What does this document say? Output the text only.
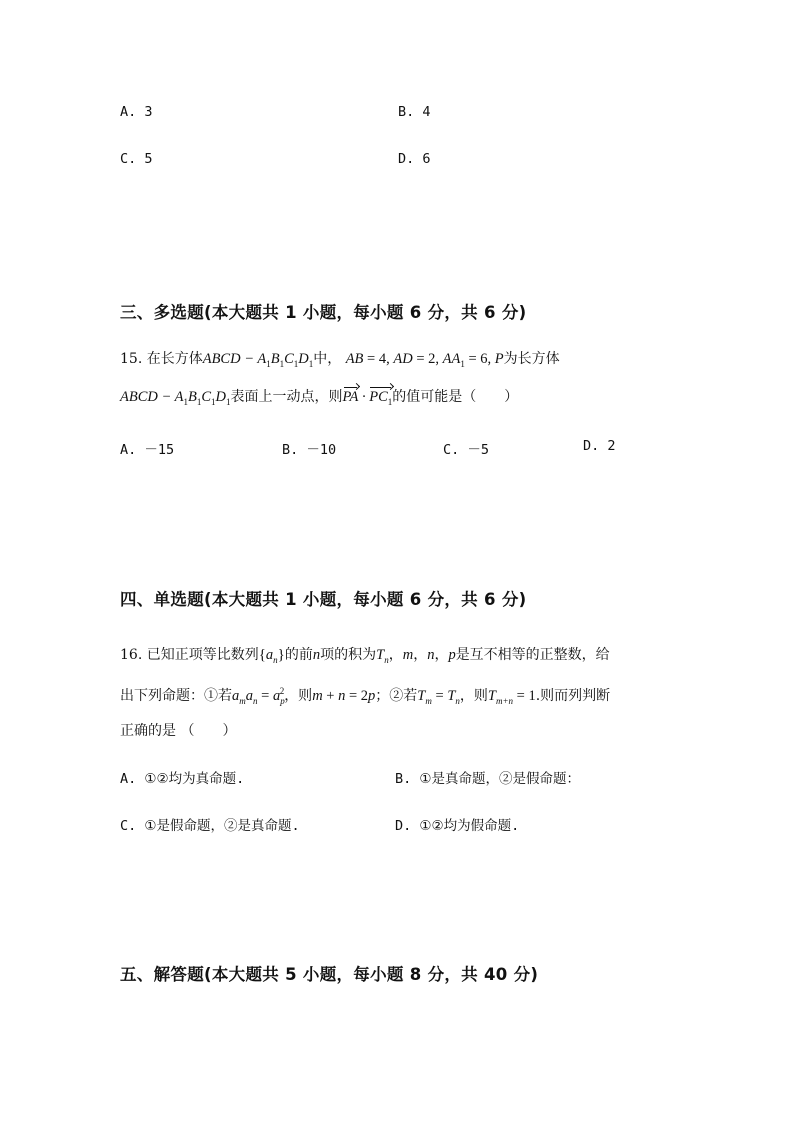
A. 3	B. 4
C. 5	D. 6
三、多选题(本大题共 1 小题，每小题 6 分，共 6 分)
15. 在长方体ABCD − $A_1B_1C_1D_1$中， AB = 4, AD = 2, $AA_1 = 6$, P为长方体
ABCD − $A_1B_1C_1D_1$表面上一动点，则PA · $PC_1$的值可能是（　　）
A. －15	B. －10	C. －5	D. 2
四、单选题(本大题共 1 小题，每小题 6 分，共 6 分)
16. 已知正项等比数列$\{a_n\}$的前n项的积为$T_n$，m，n，p是互不相等的正整数，给
出下列命题：①若$a_ma_n = a_p^2$，则m + n = 2p；②若$T_m = T_n$，则$T_{m+n} = 1$.则而列判断
正确的是 （　　）
A. ①②均为真命题.	B. ①是真命题，②是假命题：
C. ①是假命题，②是真命题.	D. ①②均为假命题.
五、解答题(本大题共 5 小题，每小题 8 分，共 40 分)
